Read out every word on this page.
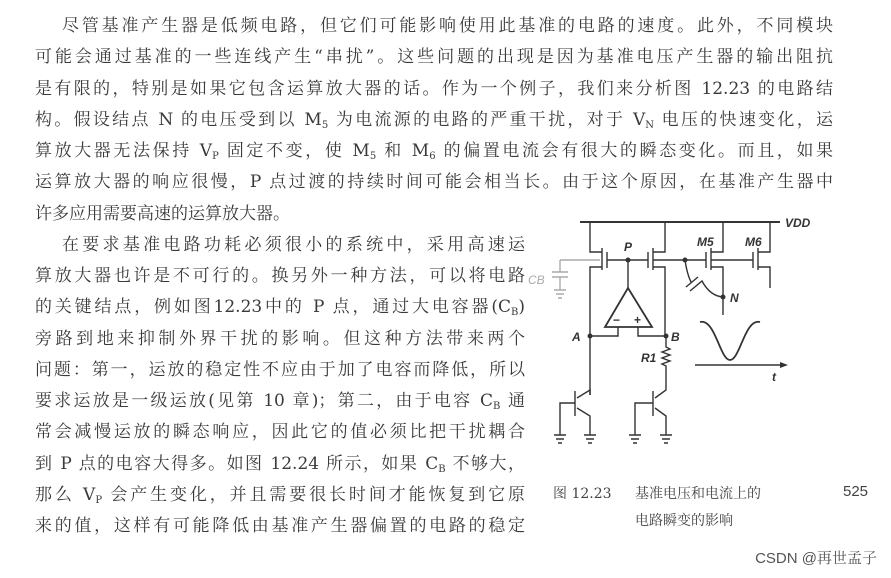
尽管基准产生器是低频电路，但它们可能影响使用此基准的电路的速度。此外，不同模块
可能会通过基准的一些连线产生“串扰”。这些问题的出现是因为基准电压产生器的输出阻抗
是有限的，特别是如果它包含运算放大器的话。作为一个例子，我们来分析图 12.23 的电路结
构。假设结点 N 的电压受到以 $M_5$ 为电流源的电路的严重干扰，对于 $V_N$ 电压的快速变化，运
算放大器无法保持 $V_P$ 固定不变，使 $M_5$ 和 $M_6$ 的偏置电流会有很大的瞬态变化。而且，如果
运算放大器的响应很慢，P 点过渡的持续时间可能会相当长。由于这个原因，在基准产生器中
许多应用需要高速的运算放大器。
在要求基准电路功耗必须很小的系统中，采用高速运
算放大器也许是不可行的。换另外一种方法，可以将电路
的关键结点，例如图12.23中的 P 点，通过大电容器$(C_B)$
旁路到地来抑制外界干扰的影响。但这种方法带来两个
问题：第一，运放的稳定性不应由于加了电容而降低，所以
要求运放是一级运放(见第 10 章)；第二，由于电容 $C_B$ 通
常会减慢运放的瞬态响应，因此它的值必须比把干扰耦合
到 P 点的电容大得多。如图 12.24 所示，如果 $C_B$ 不够大，
那么 $V_P$ 会产生变化，并且需要很长时间才能恢复到它原
来的值，这样有可能降低由基准产生器偏置的电路的稳定
VDD
M5	M6
P
N
A	B
R1
CB
t
− +
图 12.23 基准电压和电流上的
电路瞬变的影响
525
CSDN @再世孟子
